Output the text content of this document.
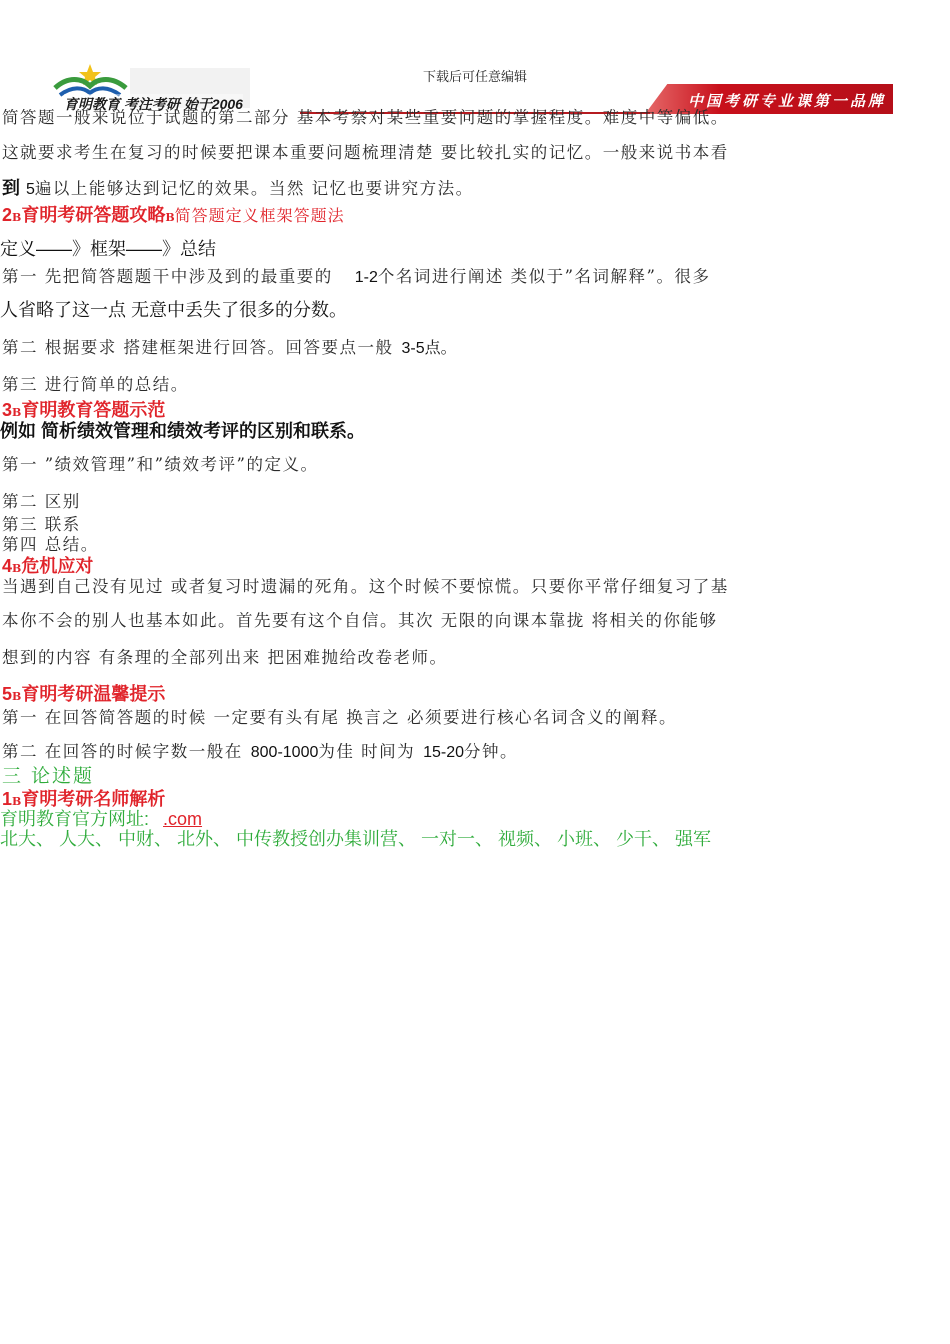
下载后可任意编辑
育明教育 考注考研 始于2006	中国考研专业课第一品牌
简答题一般来说位于试题的第二部分 基本考察对某些重要问题的掌握程度。难度中等偏低。
这就要求考生在复习的时候要把课本重要问题梳理清楚 要比较扎实的记忆。一般来说书本看
到 5遍以上能够达到记忆的效果。当然 记忆也要讲究方法。
2B育明考研答题攻略B简答题定义框架答题法
定义——》框架——》总结
第一 先把简答题题干中涉及到的最重要的 1-2个名词进行阐述 类似于”名词解释”。很多
人省略了这一点 无意中丢失了很多的分数。
第二 根据要求 搭建框架进行回答。回答要点一般 3-5点。
第三 进行简单的总结。
3B育明教育答题示范
例如 简析绩效管理和绩效考评的区别和联系。
第一 ”绩效管理”和”绩效考评”的定义。
第二 区别
第三 联系
第四 总结。
4B危机应对
当遇到自己没有见过 或者复习时遗漏的死角。这个时候不要惊慌。只要你平常仔细复习了基
本你不会的别人也基本如此。首先要有这个自信。其次 无限的向课本靠拢 将相关的你能够
想到的内容 有条理的全部列出来 把困难抛给改卷老师。
5B育明考研温馨提示
第一 在回答简答题的时候 一定要有头有尾 换言之 必须要进行核心名词含义的阐释。
第二 在回答的时候字数一般在 800-1000为佳 时间为 15-20分钟。
三 论述题
1B育明考研名师解析
育明教育官方网址: .com
北大、 人大、 中财、 北外、 中传教授创办集训营、 一对一、 视频、 小班、 少干、 强军
